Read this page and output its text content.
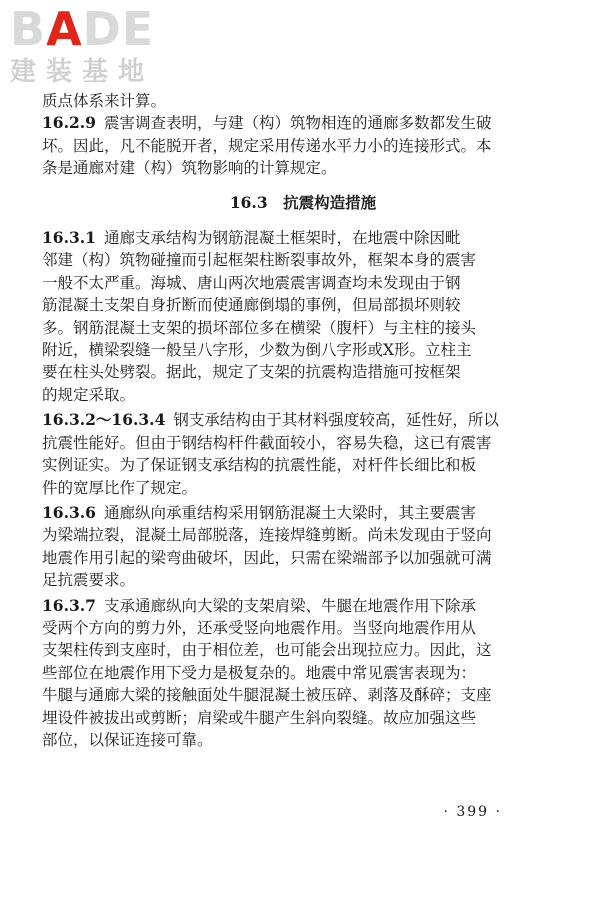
BADE
建装基地
质点体系来计算。
16.2.9 震害调查表明，与建（构）筑物相连的通廊多数都发生破
坏。因此，凡不能脱开者，规定采用传递水平力小的连接形式。本
条是通廊对建（构）筑物影响的计算规定。
16.3　抗震构造措施
16.3.1 通廊支承结构为钢筋混凝土框架时，在地震中除因毗
邻建（构）筑物碰撞而引起框架柱断裂事故外，框架本身的震害
一般不太严重。海城、唐山两次地震震害调查均未发现由于钢
筋混凝土支架自身折断而使通廊倒塌的事例，但局部损坏则较
多。钢筋混凝土支架的损坏部位多在横梁（腹杆）与主柱的接头
附近，横梁裂缝一般呈八字形，少数为倒八字形或X形。立柱主
要在柱头处劈裂。据此，规定了支架的抗震构造措施可按框架
的规定采取。
16.3.2～16.3.4 钢支承结构由于其材料强度较高，延性好，所以
抗震性能好。但由于钢结构杆件截面较小，容易失稳，这已有震害
实例证实。为了保证钢支承结构的抗震性能，对杆件长细比和板
件的宽厚比作了规定。
16.3.6 通廊纵向承重结构采用钢筋混凝土大梁时，其主要震害
为梁端拉裂，混凝土局部脱落，连接焊缝剪断。尚未发现由于竖向
地震作用引起的梁弯曲破坏，因此，只需在梁端部予以加强就可满
足抗震要求。
16.3.7 支承通廊纵向大梁的支架肩梁、牛腿在地震作用下除承
受两个方向的剪力外，还承受竖向地震作用。当竖向地震作用从
支架柱传到支座时，由于相位差，也可能会出现拉应力。因此，这
些部位在地震作用下受力是极复杂的。地震中常见震害表现为：
牛腿与通廊大梁的接触面处牛腿混凝土被压碎、剥落及酥碎；支座
埋设件被拔出或剪断；肩梁或牛腿产生斜向裂缝。故应加强这些
部位，以保证连接可靠。
· 399 ·
